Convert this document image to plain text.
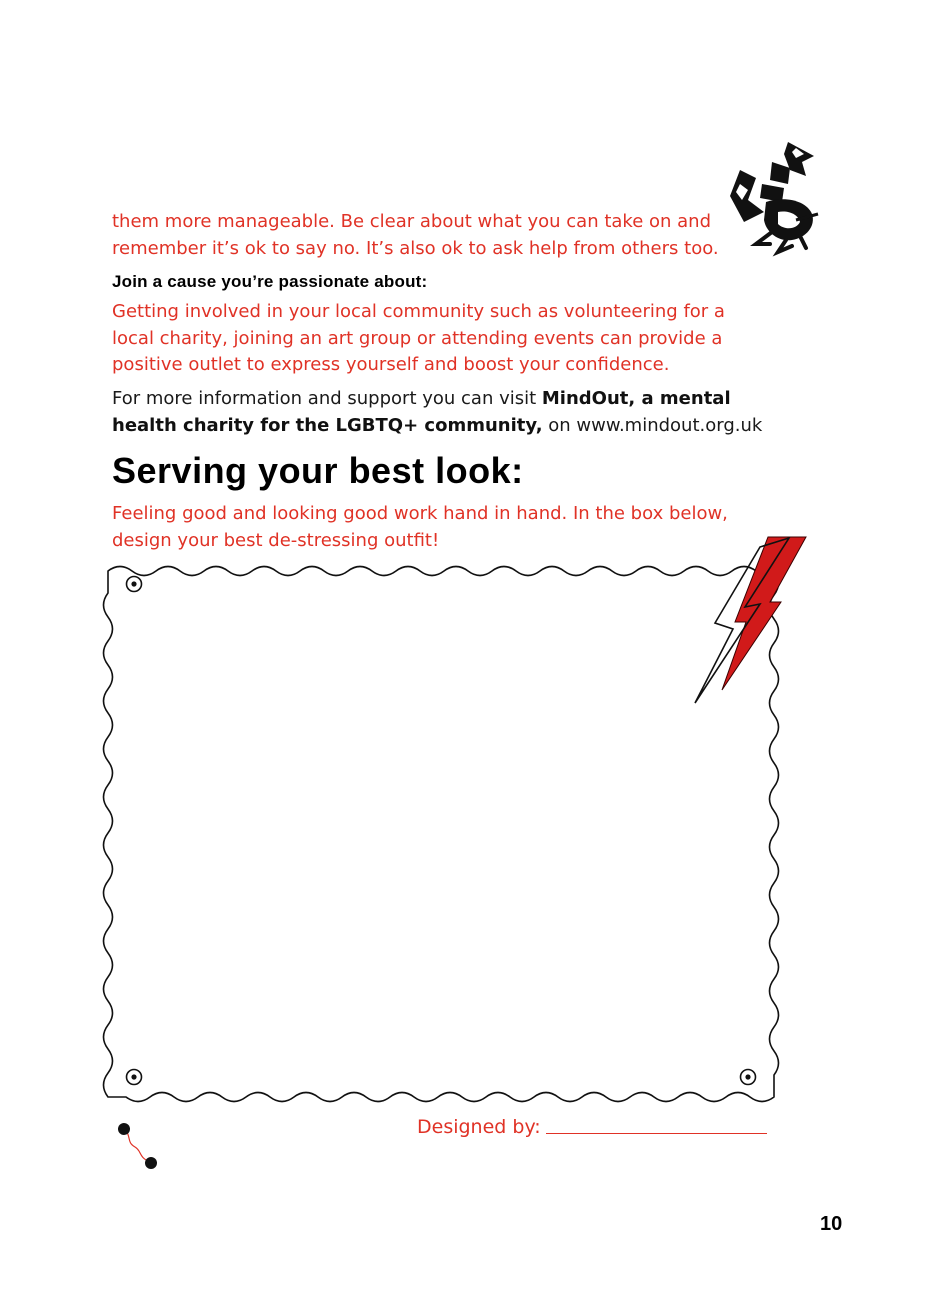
them more manageable. Be clear about what you can take on and
remember it’s ok to say no. It’s also ok to ask help from others too.
Join a cause you’re passionate about:
Getting involved in your local community such as volunteering for a
local charity, joining an art group or attending events can provide a
positive outlet to express yourself and boost your confidence.
For more information and support you can visit MindOut, a mental
health charity for the LGBTQ+ community, on www.mindout.org.uk
Serving your best look:
Feeling good and looking good work hand in hand. In the box below,
design your best de-stressing outfit!
Designed by:
10
